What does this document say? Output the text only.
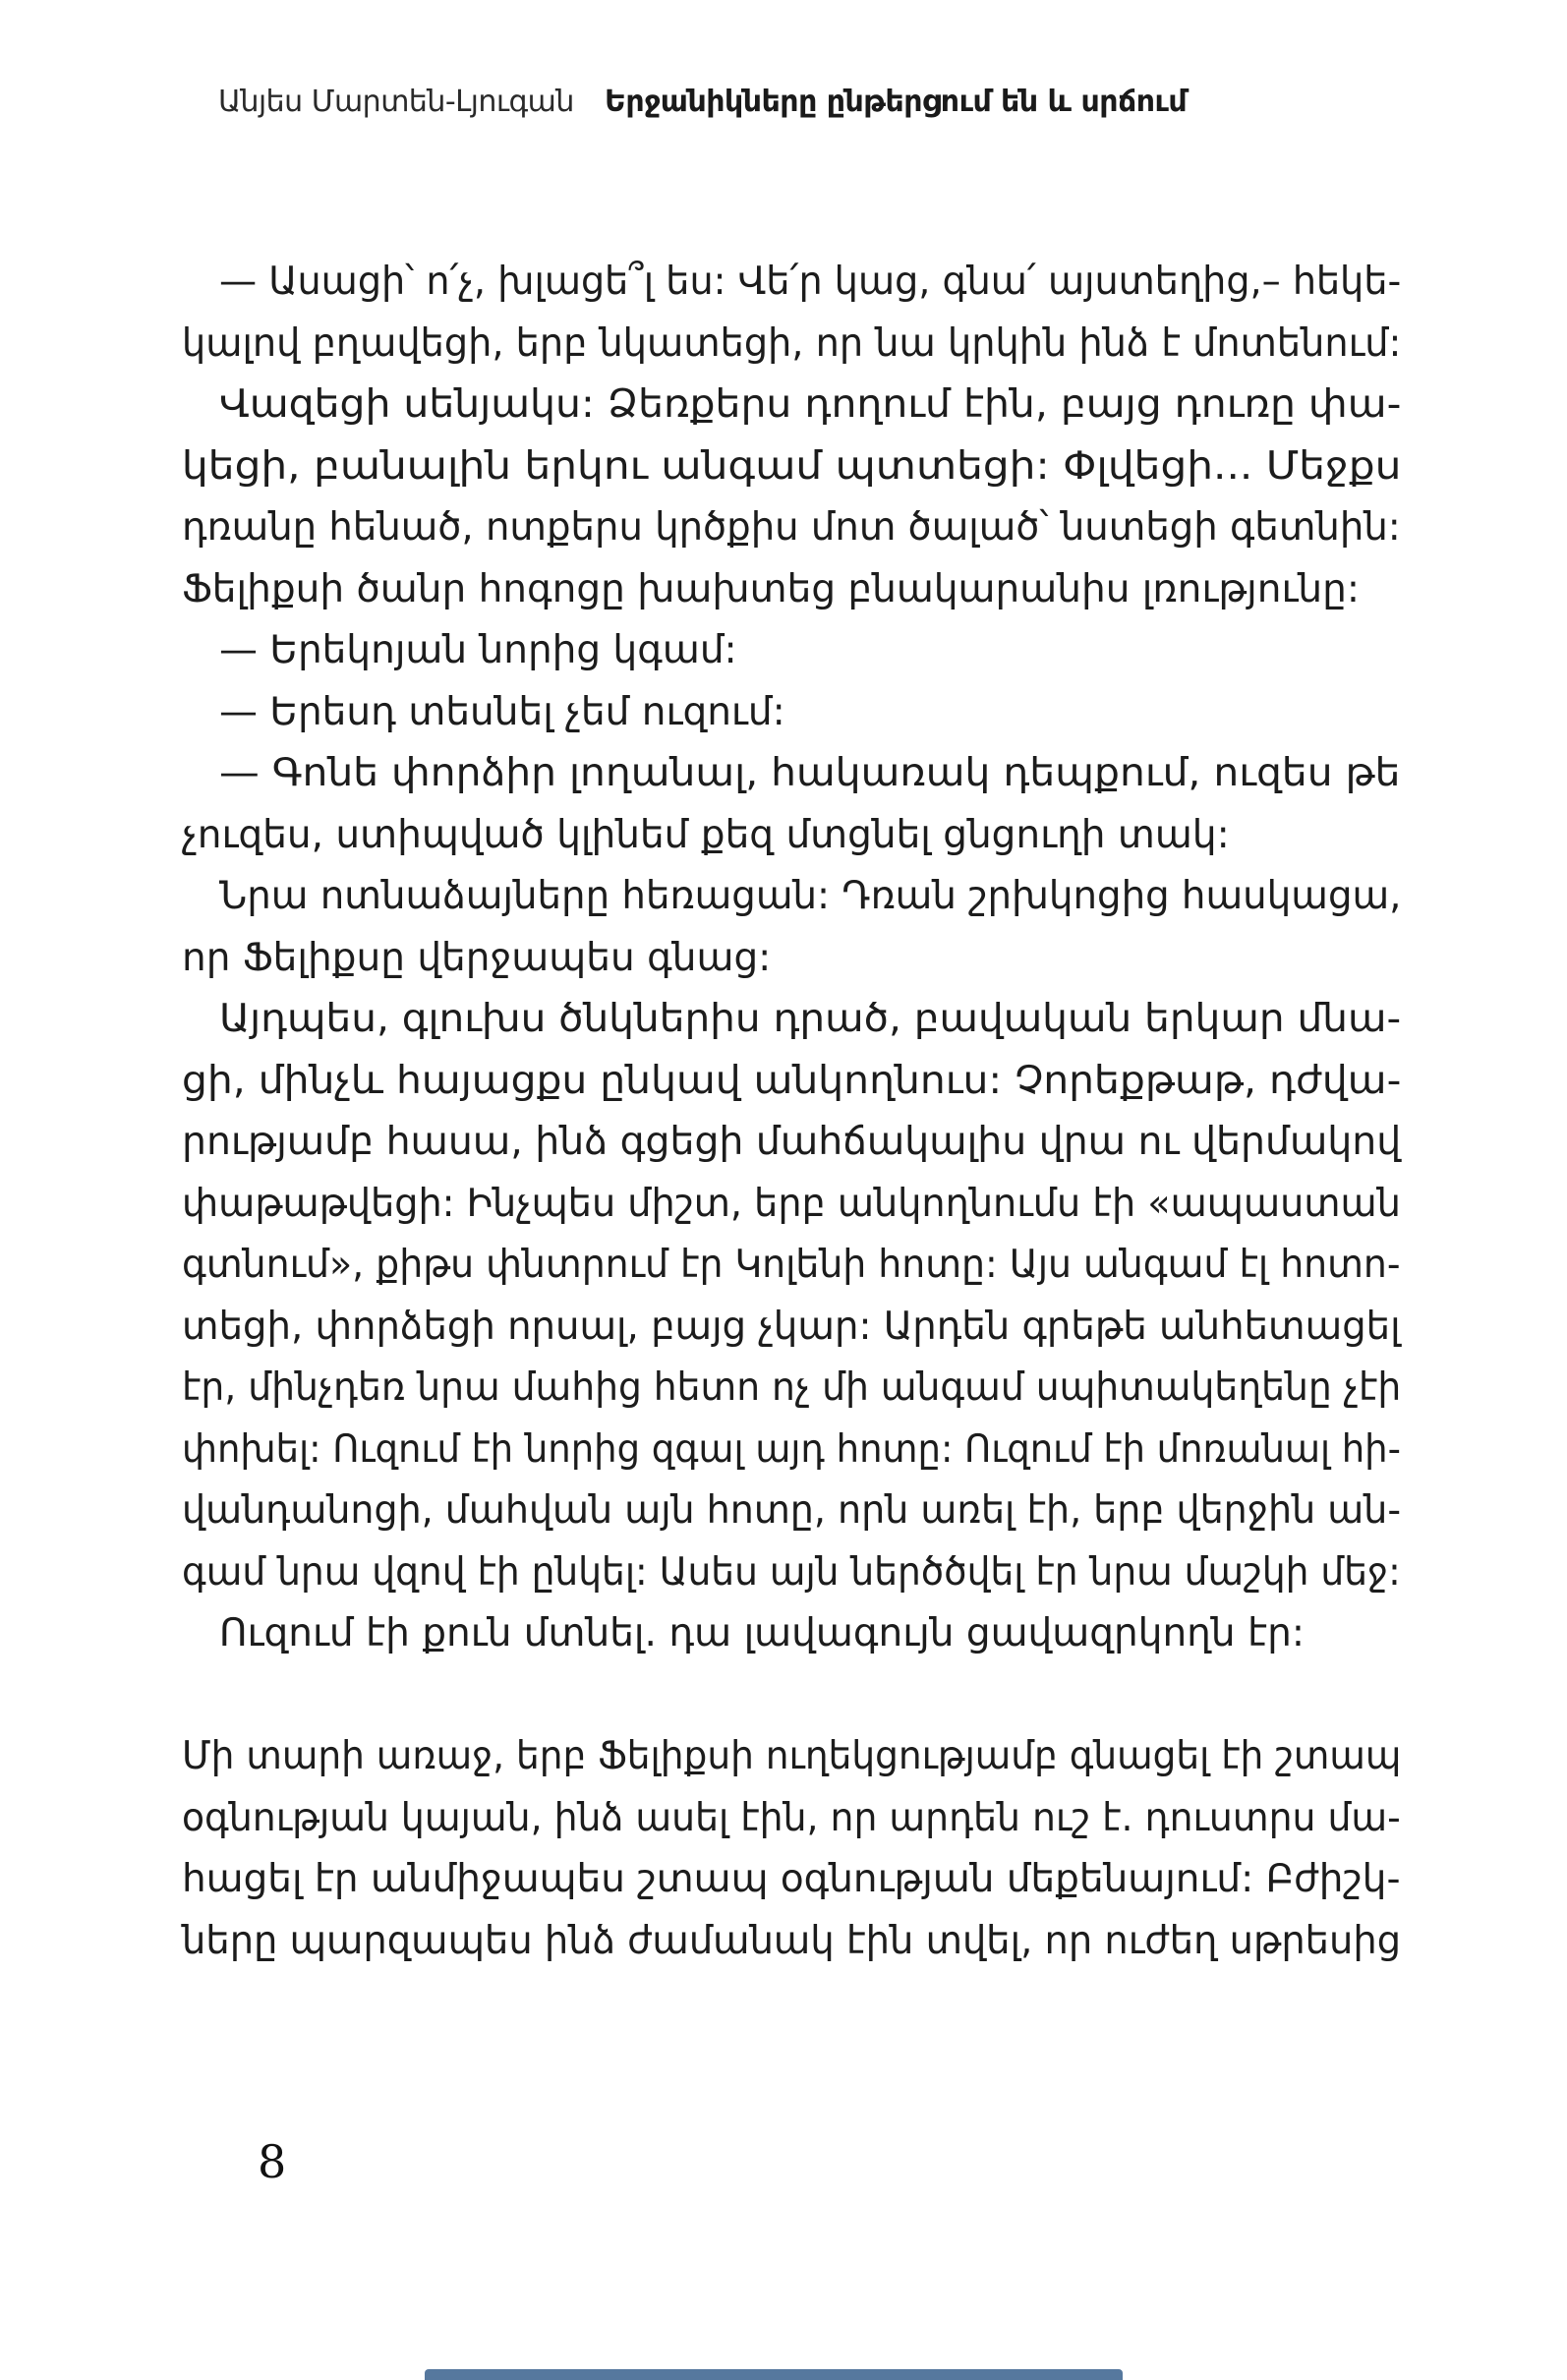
Անյես Մարտեն-Լյուգան Երջանիկները ընթերցում են և սրճում
— Ասացի՝ ո՛չ, խլացե՞լ ես: Վե՛ր կաց, գնա՛ այստեղից,– հեկե-
կալով բղավեցի, երբ նկատեցի, որ նա կրկին ինձ է մոտենում:
Վազեցի սենյակս: Ձեռքերս դողում էին, բայց դուռը փա-
կեցի, բանալին երկու անգամ պտտեցի: Փլվեցի... Մեջքս
դռանը հենած, ոտքերս կրծքիս մոտ ծալած՝ նստեցի գետնին:
Ֆելիքսի ծանր հոգոցը խախտեց բնակարանիս լռությունը:
— Երեկոյան նորից կգամ:
— Երեսդ տեսնել չեմ ուզում:
— Գոնե փորձիր լողանալ, հակառակ դեպքում, ուզես թե
չուզես, ստիպված կլինեմ քեզ մտցնել ցնցուղի տակ:
Նրա ոտնաձայները հեռացան: Դռան շրխկոցից հասկացա,
որ Ֆելիքսը վերջապես գնաց:
Այդպես, գլուխս ծնկներիս դրած, բավական երկար մնա-
ցի, մինչև հայացքս ընկավ անկողնուս: Չորեքթաթ, դժվա-
րությամբ հասա, ինձ գցեցի մահճակալիս վրա ու վերմակով
փաթաթվեցի: Ինչպես միշտ, երբ անկողնումս էի «ապաստան
գտնում», քիթս փնտրում էր Կոլենի հոտը: Այս անգամ էլ հոտո-
տեցի, փորձեցի որսալ, բայց չկար: Արդեն գրեթե անհետացել
էր, մինչդեռ նրա մահից հետո ոչ մի անգամ սպիտակեղենը չէի
փոխել: Ուզում էի նորից զգալ այդ հոտը: Ուզում էի մոռանալ հի-
վանդանոցի, մահվան այն հոտը, որն առել էի, երբ վերջին ան-
գամ նրա վզով էի ընկել: Ասես այն ներծծվել էր նրա մաշկի մեջ:
Ուզում էի քուն մտնել. դա լավագույն ցավազրկողն էր:
Մի տարի առաջ, երբ Ֆելիքսի ուղեկցությամբ գնացել էի շտապ
օգնության կայան, ինձ ասել էին, որ արդեն ուշ է. դուստրս մա-
հացել էր անմիջապես շտապ օգնության մեքենայում: Բժիշկ-
ները պարզապես ինձ ժամանակ էին տվել, որ ուժեղ սթրեսից
8
